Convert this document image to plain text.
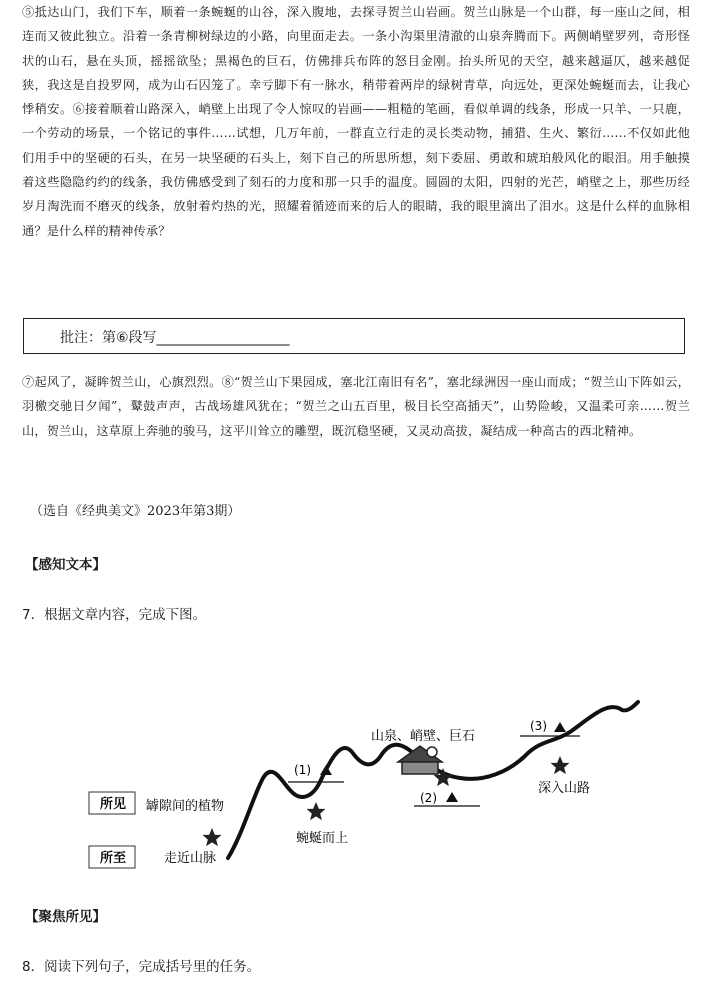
⑤抵达山门，我们下车，顺着一条蜿蜒的山谷，深入腹地，去探寻贺兰山岩画。贺兰山脉是一个山群，每一座山之间，相连而又彼此独立。沿着一条青柳树绿边的小路，向里面走去。一条小沟渠里清澈的山泉奔腾而下。两侧峭壁罗列，奇形怪状的山石，悬在头顶，摇摇欲坠；黑褐色的巨石，仿佛排兵布阵的怒目金刚。抬头所见的天空，越来越逼仄，越来越促狭，我这是自投罗网，成为山石囚笼了。幸亏脚下有一脉水，稍带着两岸的绿树青草，向远处，更深处蜿蜒而去，让我心悸稍安。⑥接着顺着山路深入，峭壁上出现了令人惊叹的岩画——粗糙的笔画，看似单调的线条，形成一只羊、一只鹿，一个劳动的场景，一个铭记的事件……试想，几万年前，一群直立行走的灵长类动物，捕猎、生火、繁衍……不仅如此他们用手中的坚硬的石头，在另一块坚硬的石头上，刻下自己的所思所想，刻下委屈、勇敢和琥珀般风化的眼泪。用手触摸着这些隐隐约约的线条，我仿佛感受到了刻石的力度和那一只手的温度。圆圆的太阳，四射的光芒，峭壁之上，那些历经岁月淘洗而不磨灭的线条，放射着灼热的光，照耀着循迹而来的后人的眼睛，我的眼里滴出了泪水。这是什么样的血脉相通？是什么样的精神传承？
批注：第⑥段写___________________
⑦起风了，凝眸贺兰山，心旗烈烈。⑧“贺兰山下果园成，塞北江南旧有名”，塞北绿洲因一座山而成；“贺兰山下阵如云，羽檄交驰日夕闻”，鼙鼓声声，古战场雄风犹在；“贺兰之山五百里，极目长空高插天”，山势险峻，又温柔可亲……贺兰山，贺兰山，这草原上奔驰的骏马，这平川耸立的雕塑，既沉稳坚硬，又灵动高拔，凝结成一种高古的西北精神。
（选自《经典美文》2023年第3期）
【感知文本】
7．根据文章内容，完成下图。
(1)
(2)
(3)
山泉、峭壁、巨石
深入山路
罅隙间的植物
蜿蜒而上
走近山脉
所见
所至
【聚焦所见】
8．阅读下列句子，完成括号里的任务。
